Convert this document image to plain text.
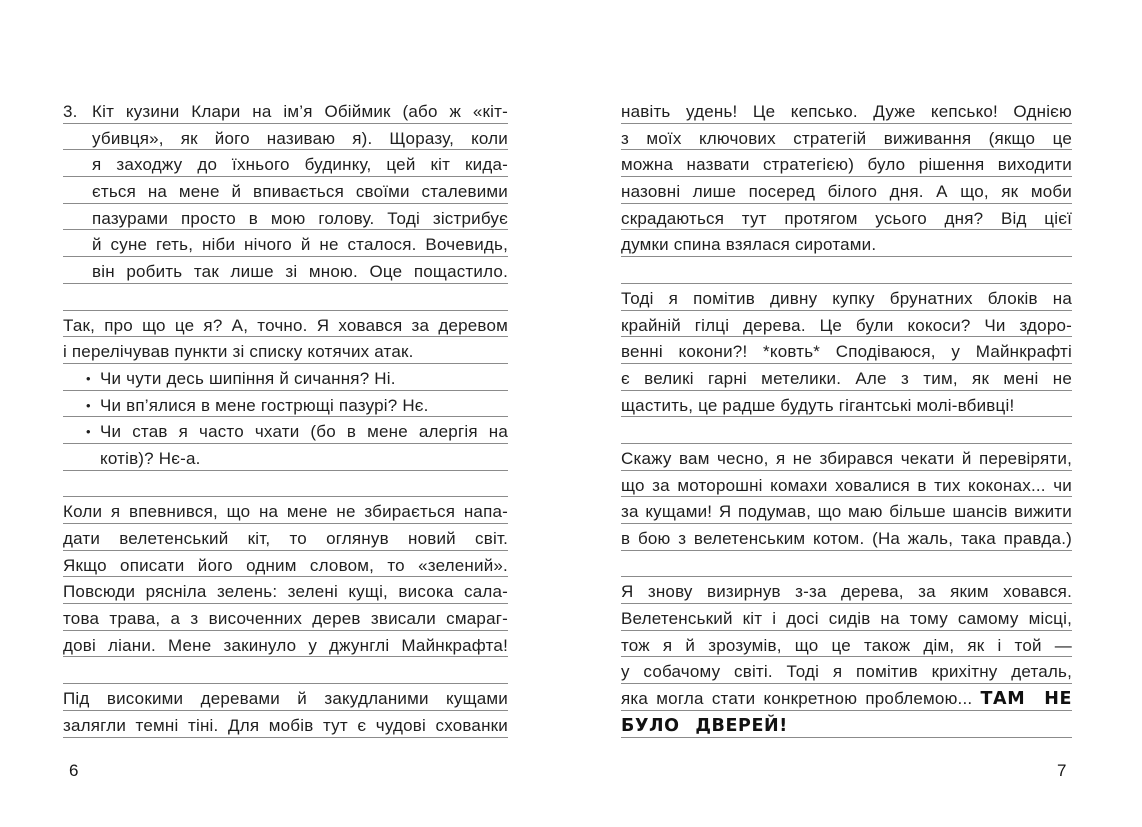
3. Кіт кузини Клари на ім’я Обіймик (або ж «кіт-
убивця», як його називаю я). Щоразу, коли
я заходжу до їхнього будинку, цей кіт кида-
ється на мене й впивається своїми сталевими
пазурами просто в мою голову. Тоді зістрибує
й суне геть, ніби нічого й не сталося. Вочевидь,
він робить так лише зі мною. Оце пощастило.
Так, про що це я? А, точно. Я ховався за деревом
і перелічував пункти зі списку котячих атак.
• Чи чути десь шипіння й сичання? Ні.
• Чи вп’ялися в мене гострющі пазурі? Нє.
• Чи став я часто чхати (бо в мене алергія на
котів)? Нє-а.
Коли я впевнився, що на мене не збирається напа-
дати велетенський кіт, то оглянув новий світ.
Якщо описати його одним словом, то «зелений».
Повсюди рясніла зелень: зелені кущі, висока сала-
това трава, а з височенних дерев звисали смараг-
дові ліани. Мене закинуло у джунглі Майнкрафта!
Під високими деревами й закудланими кущами
залягли темні тіні. Для мобів тут є чудові схованки
навіть удень! Це кепсько. Дуже кепсько! Однією
з моїх ключових стратегій виживання (якщо це
можна назвати стратегією) було рішення виходити
назовні лише посеред білого дня. А що, як моби
скрадаються тут протягом усього дня? Від цієї
думки спина взялася сиротами.
Тоді я помітив дивну купку брунатних блоків на
крайній гілці дерева. Це були кокоси? Чи здоро-
венні кокони?! *ковть* Сподіваюся, у Майнкрафті
є великі гарні метелики. Але з тим, як мені не
щастить, це радше будуть гігантські молі-вбивці!
Скажу вам чесно, я не збирався чекати й перевіряти,
що за моторошні комахи ховалися в тих коконах... чи
за кущами! Я подумав, що маю більше шансів вижити
в бою з велетенським котом. (На жаль, така правда.)
Я знову визирнув з-за дерева, за яким ховався.
Велетенський кіт і досі сидів на тому самому місці,
тож я й зрозумів, що це також дім, як і той —
у собачому світі. Тоді я помітив крихітну деталь,
яка могла стати конкретною проблемою... ТАМ НЕ
БУЛО ДВЕРЕЙ!
6	7
